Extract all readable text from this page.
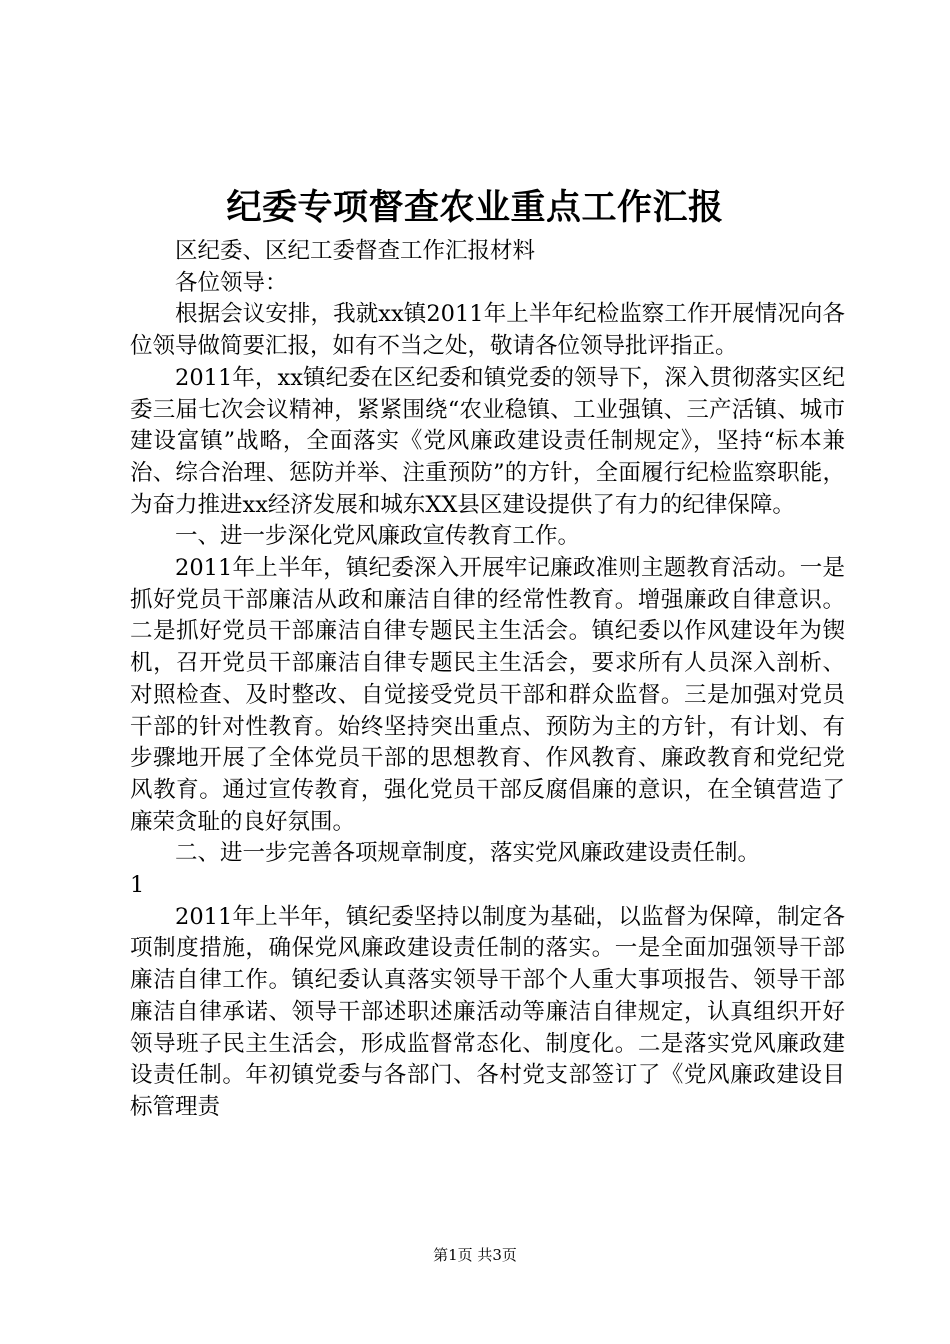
纪委专项督查农业重点工作汇报

区纪委、区纪工委督查工作汇报材料

各位领导：

根据会议安排，我就xx镇2011年上半年纪检监察工作开展情况向各位领导做简要汇报，如有不当之处，敬请各位领导批评指正。

2011年，xx镇纪委在区纪委和镇党委的领导下，深入贯彻落实区纪委三届七次会议精神，紧紧围绕“农业稳镇、工业强镇、三产活镇、城市建设富镇”战略，全面落实《党风廉政建设责任制规定》，坚持“标本兼治、综合治理、惩防并举、注重预防”的方针，全面履行纪检监察职能，为奋力推进xx经济发展和城东XX县区建设提供了有力的纪律保障。

一、进一步深化党风廉政宣传教育工作。

2011年上半年，镇纪委深入开展牢记廉政准则主题教育活动。一是抓好党员干部廉洁从政和廉洁自律的经常性教育。增强廉政自律意识。二是抓好党员干部廉洁自律专题民主生活会。镇纪委以作风建设年为锲机，召开党员干部廉洁自律专题民主生活会，要求所有人员深入剖析、对照检查、及时整改、自觉接受党员干部和群众监督。三是加强对党员干部的针对性教育。始终坚持突出重点、预防为主的方针，有计划、有步骤地开展了全体党员干部的思想教育、作风教育、廉政教育和党纪党风教育。通过宣传教育，强化党员干部反腐倡廉的意识，在全镇营造了廉荣贪耻的良好氛围。

二、进一步完善各项规章制度，落实党风廉政建设责任制。

1

2011年上半年，镇纪委坚持以制度为基础，以监督为保障，制定各项制度措施，确保党风廉政建设责任制的落实。一是全面加强领导干部廉洁自律工作。镇纪委认真落实领导干部个人重大事项报告、领导干部廉洁自律承诺、领导干部述职述廉活动等廉洁自律规定，认真组织开好领导班子民主生活会，形成监督常态化、制度化。二是落实党风廉政建设责任制。年初镇党委与各部门、各村党支部签订了《党风廉政建设目标管理责

第1页 共3页
